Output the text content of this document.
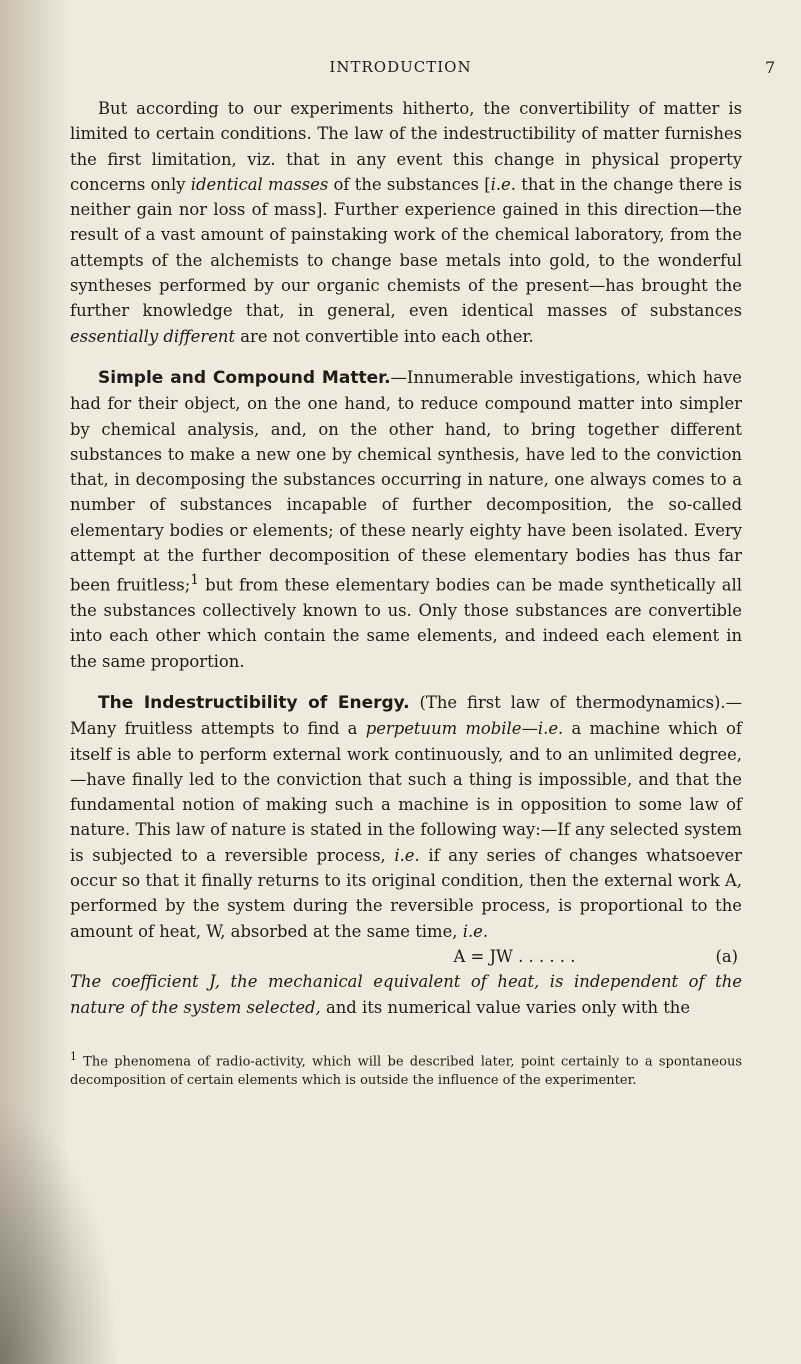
INTRODUCTION	7

But according to our experiments hitherto, the convertibility of matter is limited to certain conditions. The law of the indestructibility of matter furnishes the first limitation, viz. that in any event this change in physical property concerns only identical masses of the substances [i.e. that in the change there is neither gain nor loss of mass]. Further experience gained in this direction—the result of a vast amount of painstaking work of the chemical laboratory, from the attempts of the alchemists to change base metals into gold, to the wonderful syntheses performed by our organic chemists of the present—has brought the further knowledge that, in general, even identical masses of substances essentially different are not convertible into each other.

Simple and Compound Matter.—Innumerable investigations, which have had for their object, on the one hand, to reduce compound matter into simpler by chemical analysis, and, on the other hand, to bring together different substances to make a new one by chemical synthesis, have led to the conviction that, in decomposing the substances occurring in nature, one always comes to a number of substances incapable of further decomposition, the so-called elementary bodies or elements; of these nearly eighty have been isolated. Every attempt at the further decomposition of these elementary bodies has thus far been fruitless;$^1$ but from these elementary bodies can be made synthetically all the substances collectively known to us. Only those substances are convertible into each other which contain the same elements, and indeed each element in the same proportion.

The Indestructibility of Energy. (The first law of thermodynamics).—Many fruitless attempts to find a perpetuum mobile—i.e. a machine which of itself is able to perform external work continuously, and to an unlimited degree,—have finally led to the conviction that such a thing is impossible, and that the fundamental notion of making such a machine is in opposition to some law of nature. This law of nature is stated in the following way:—If any selected system is subjected to a reversible process, i.e. if any series of changes whatsoever occur so that it finally returns to its original condition, then the external work A, performed by the system during the reversible process, is proportional to the amount of heat, W, absorbed at the same time, i.e.

A = JW . . . . . .	(a)

The coefficient J, the mechanical equivalent of heat, is independent of the nature of the system selected, and its numerical value varies only with the

$^1$ The phenomena of radio-activity, which will be described later, point certainly to a spontaneous decomposition of certain elements which is outside the influence of the experimenter.
